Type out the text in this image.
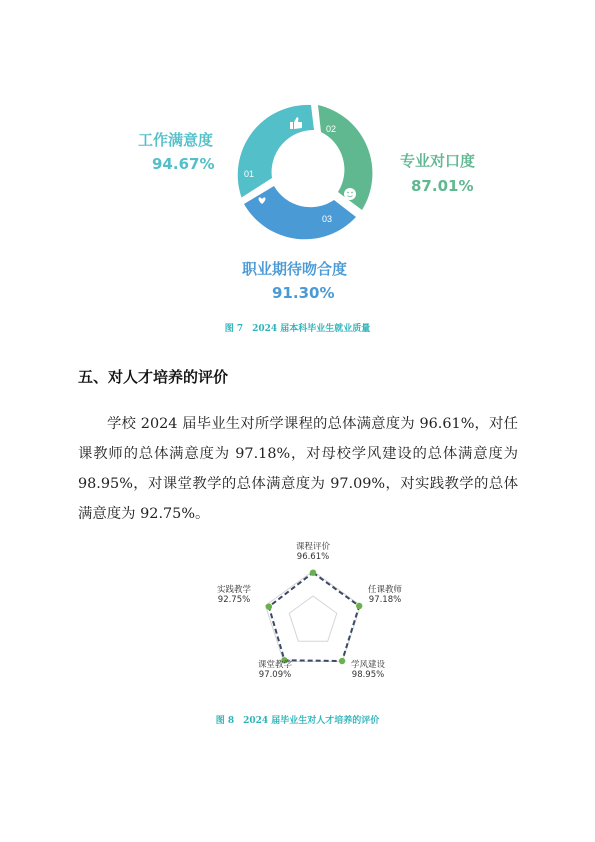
01
02
03
工作满意度
94.67%	专业对口度
87.01%
职业期待吻合度
91.30%
图 7　2024 届本科毕业生就业质量
五、对人才培养的评价
学校 2024 届毕业生对所学课程的总体满意度为 96.61%，对任课教师的总体满意度为 97.18%，对母校学风建设的总体满意度为 98.95%，对课堂教学的总体满意度为 97.09%，对实践教学的总体满意度为 92.75%。
课程评价
96.61%
任课教师
97.18%
学风建设
98.95%
课堂教学
97.09%
实践教学
92.75%
图 8　2024 届毕业生对人才培养的评价
